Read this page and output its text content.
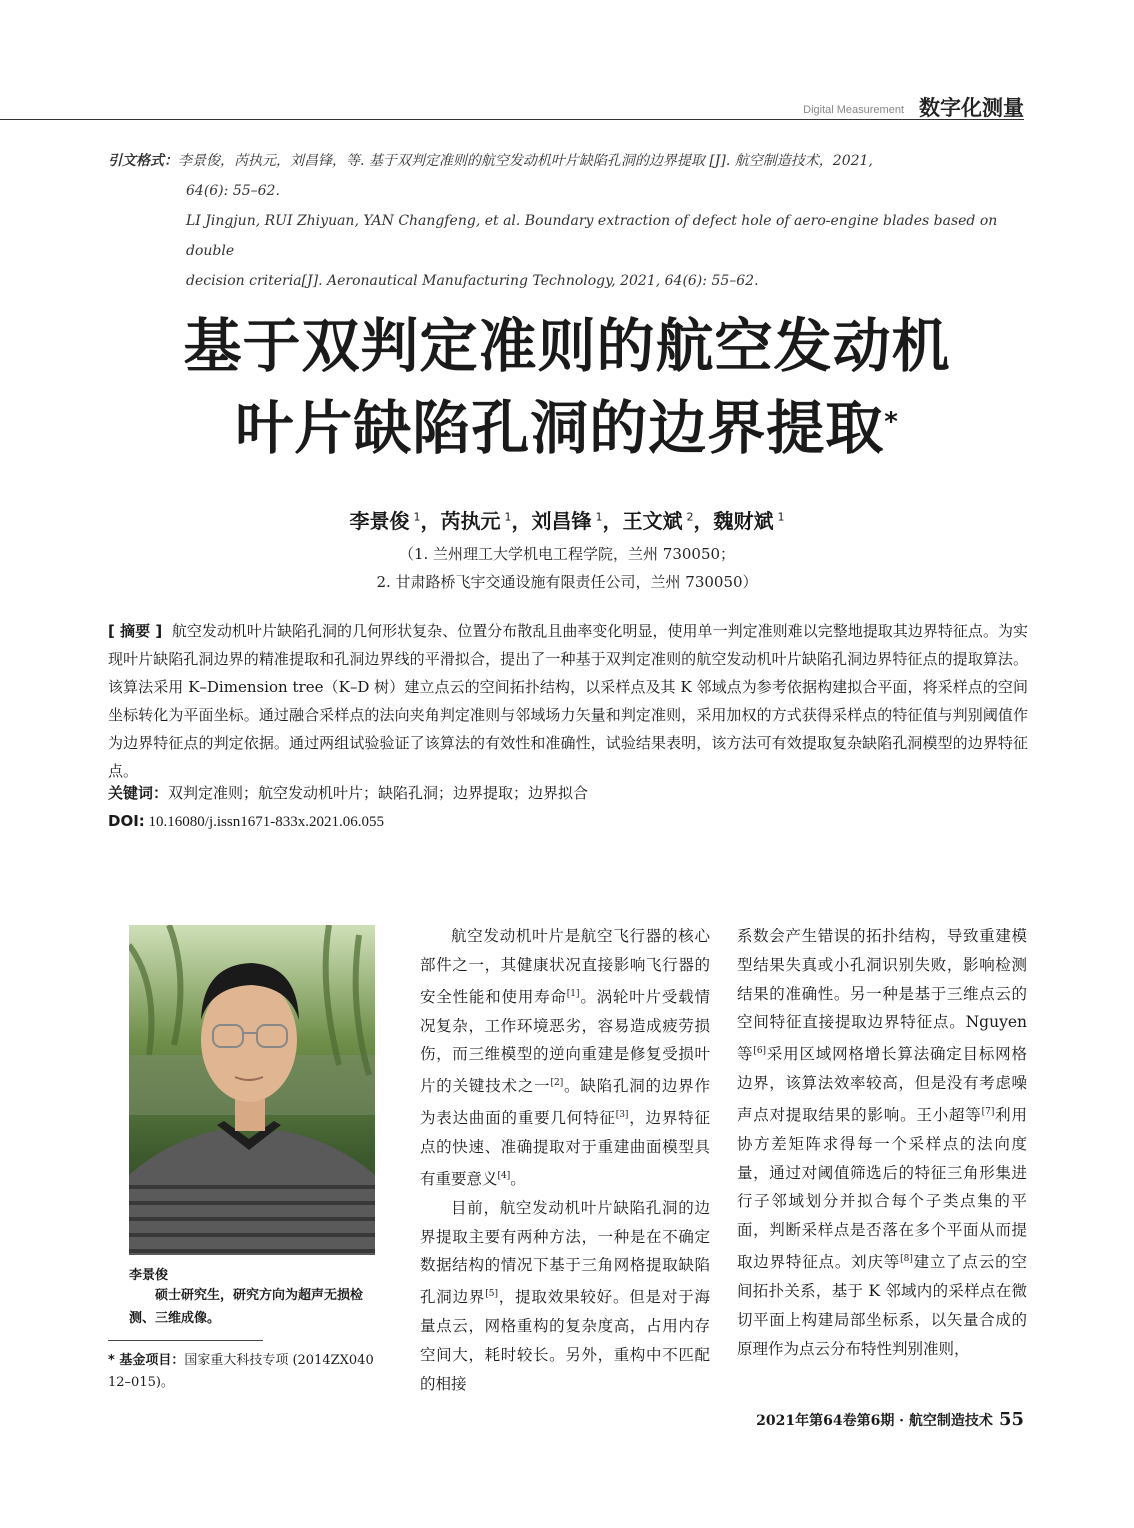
Digital Measurement 数字化测量

引文格式：李景俊，芮执元，刘昌锋，等. 基于双判定准则的航空发动机叶片缺陷孔洞的边界提取 [J]. 航空制造技术，2021,

64(6): 55–62.
LI Jingjun, RUI Zhiyuan, YAN Changfeng, et al. Boundary extraction of defect hole of aero-engine blades based on double
decision criteria[J]. Aeronautical Manufacturing Technology, 2021, 64(6): 55–62.
基于双判定准则的航空发动机
叶片缺陷孔洞的边界提取*
李景俊  $^1$，芮执元  $^1$，刘昌锋  $^1$，王文斌  $^2$，魏财斌  $^1$
（1. 兰州理工大学机电工程学院，兰州 730050；
2. 甘肃路桥飞宇交通设施有限责任公司，兰州 730050）
[ 摘要 ] 航空发动机叶片缺陷孔洞的几何形状复杂、位置分布散乱且曲率变化明显，使用单一判定准则难以完整地提取其边界特征点。为实现叶片缺陷孔洞边界的精准提取和孔洞边界线的平滑拟合，提出了一种基于双判定准则的航空发动机叶片缺陷孔洞边界特征点的提取算法。该算法采用 K–Dimension tree（K–D 树）建立点云的空间拓扑结构，以采样点及其 K 邻域点为参考依据构建拟合平面，将采样点的空间坐标转化为平面坐标。通过融合采样点的法向夹角判定准则与邻域场力矢量和判定准则，采用加权的方式获得采样点的特征值与判别阈值作为边界特征点的判定依据。通过两组试验验证了该算法的有效性和准确性，试验结果表明，该方法可有效提取复杂缺陷孔洞模型的边界特征点。
关键词：双判定准则；航空发动机叶片；缺陷孔洞；边界提取；边界拟合
DOI: 10.16080/j.issn1671-833x.2021.06.055
李景俊
硕士研究生，研究方向为超声无损检测、三维成像。
* 基金项目：国家重大科技专项 (2014ZX040 12–015)。

航空发动机叶片是航空飞行器的核心部件之一，其健康状况直接影响飞行器的安全性能和使用寿命[1]。涡轮叶片受载情况复杂，工作环境恶劣，容易造成疲劳损伤，而三维模型的逆向重建是修复受损叶片的关键技术之一[2]。缺陷孔洞的边界作为表达曲面的重要几何特征[3]，边界特征点的快速、准确提取对于重建曲面模型具有重要意义[4]。

目前，航空发动机叶片缺陷孔洞的边界提取主要有两种方法，一种是在不确定数据结构的情况下基于三角网格提取缺陷孔洞边界[5]，提取效果较好。但是对于海量点云，网格重构的复杂度高，占用内存空间大，耗时较长。另外，重构中不匹配的相接

系数会产生错误的拓扑结构，导致重建模型结果失真或小孔洞识别失败，影响检测结果的准确性。另一种是基于三维点云的空间特征直接提取边界特征点。Nguyen 等[6]采用区域网格增长算法确定目标网格边界，该算法效率较高，但是没有考虑噪声点对提取结果的影响。王小超等[7]利用协方差矩阵求得每一个采样点的法向度量，通过对阈值筛选后的特征三角形集进行子邻域划分并拟合每个子类点集的平面，判断采样点是否落在多个平面从而提取边界特征点。刘庆等[8]建立了点云的空间拓扑关系，基于 K 邻域内的采样点在微切平面上构建局部坐标系，以矢量合成的原理作为点云分布特性判别准则，

2021年第64卷第6期 · 航空制造技术 55
